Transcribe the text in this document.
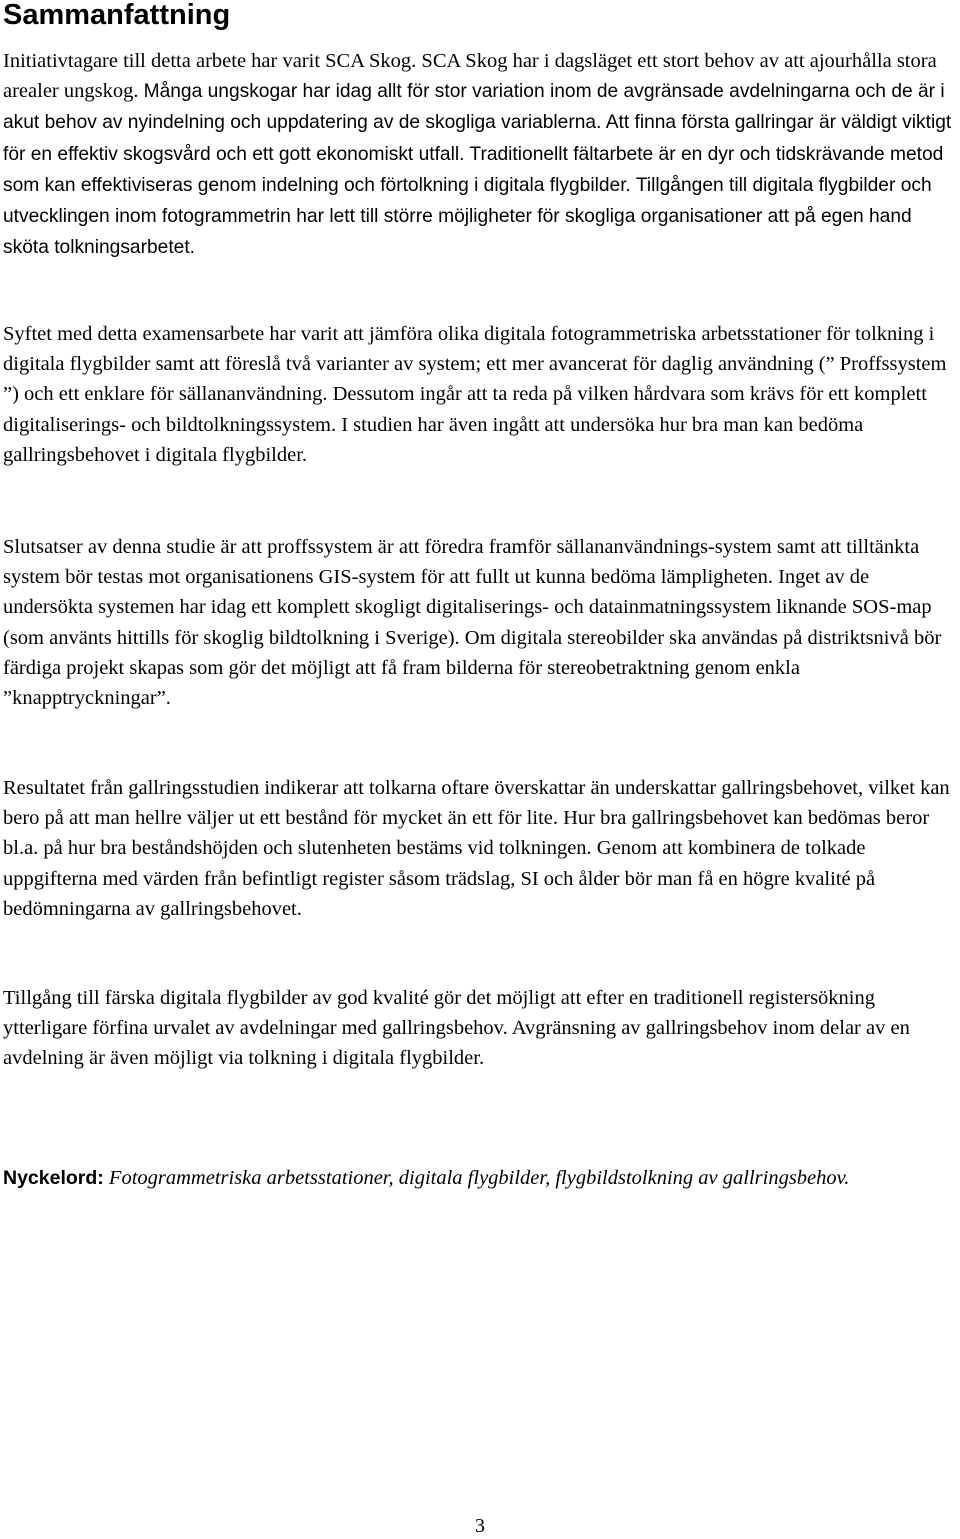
Sammanfattning

Initiativtagare till detta arbete har varit SCA Skog. SCA Skog har i dagsläget ett stort behov av att ajourhålla stora arealer ungskog. Många ungskogar har idag allt för stor variation inom de avgränsade avdelningarna och de är i akut behov av nyindelning och uppdatering av de skogliga variablerna. Att finna första gallringar är väldigt viktigt för en effektiv skogsvård och ett gott ekonomiskt utfall. Traditionellt fältarbete är en dyr och tidskrävande metod som kan effektiviseras genom indelning och förtolkning i digitala flygbilder. Tillgången till digitala flygbilder och utvecklingen inom fotogrammetrin har lett till större möjligheter för skogliga organisationer att på egen hand sköta tolkningsarbetet.

Syftet med detta examensarbete har varit att jämföra olika digitala fotogrammetriska arbetsstationer för tolkning i digitala flygbilder samt att föreslå två varianter av system; ett mer avancerat för daglig användning (” Proffssystem ”) och ett enklare för sällananvändning. Dessutom ingår att ta reda på vilken hårdvara som krävs för ett komplett digitaliserings- och bildtolkningssystem. I studien har även ingått att undersöka hur bra man kan bedöma gallringsbehovet i digitala flygbilder.

Slutsatser av denna studie är att proffssystem är att föredra framför sällananvändnings-system samt att tilltänkta system bör testas mot organisationens GIS-system för att fullt ut kunna bedöma lämpligheten. Inget av de undersökta systemen har idag ett komplett skogligt digitaliserings- och datainmatningssystem liknande SOS-map (som använts hittills för skoglig bildtolkning i Sverige). Om digitala stereobilder ska användas på distriktsnivå bör färdiga projekt skapas som gör det möjligt att få fram bilderna för stereobetraktning genom enkla ”knapptryckningar”.

Resultatet från gallringsstudien indikerar att tolkarna oftare överskattar än underskattar gallringsbehovet, vilket kan bero på att man hellre väljer ut ett bestånd för mycket än ett för lite. Hur bra gallringsbehovet kan bedömas beror bl.a. på hur bra beståndshöjden och slutenheten bestäms vid tolkningen. Genom att kombinera de tolkade uppgifterna med värden från befintligt register såsom trädslag, SI och ålder bör man få en högre kvalité på bedömningarna av gallringsbehovet.

Tillgång till färska digitala flygbilder av god kvalité gör det möjligt att efter en traditionell registersökning ytterligare förfina urvalet av avdelningar med gallringsbehov. Avgränsning av gallringsbehov inom delar av en avdelning är även möjligt via tolkning i digitala flygbilder.

Nyckelord: Fotogrammetriska arbetsstationer, digitala flygbilder, flygbildstolkning av gallringsbehov.

3
